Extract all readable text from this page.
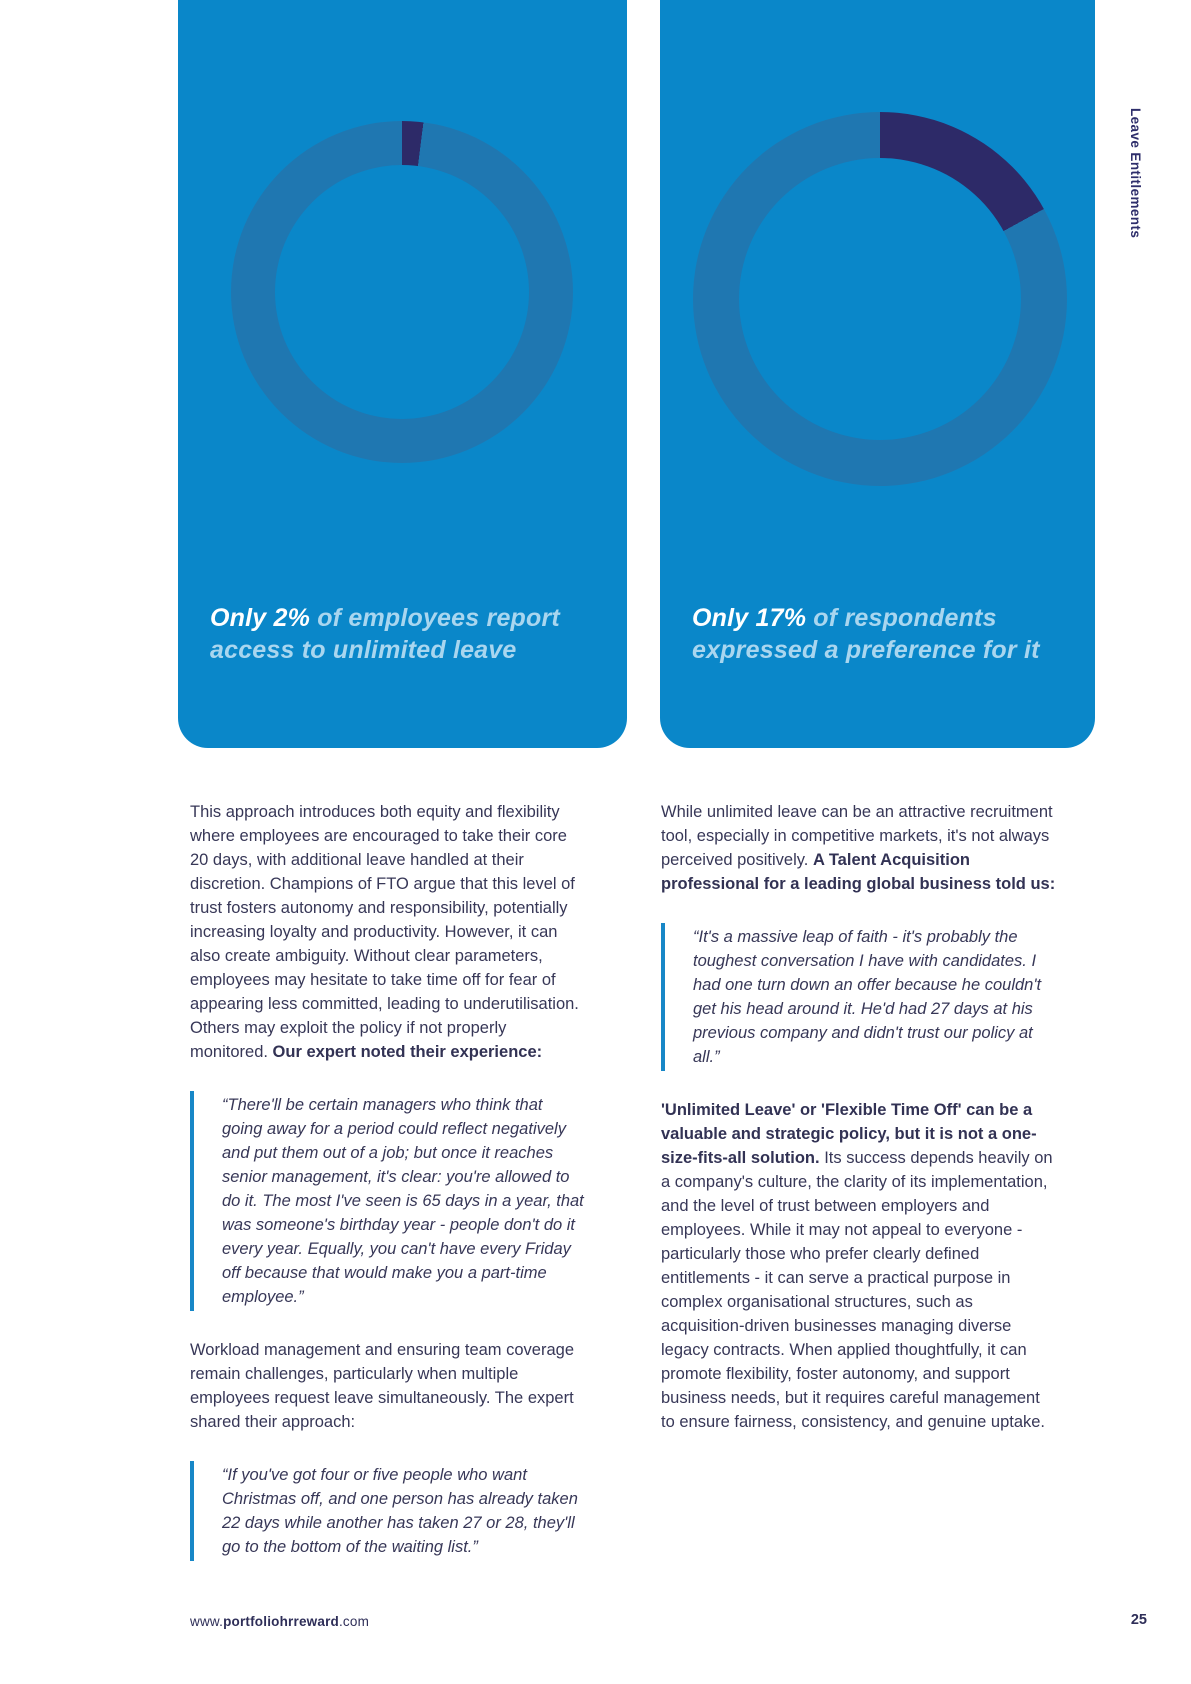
Only 2% of employees report access to unlimited leave

Only 17% of respondents expressed a preference for it

Leave Entitlements

This approach introduces both equity and flexibility where employees are encouraged to take their core 20 days, with additional leave handled at their discretion. Champions of FTO argue that this level of trust fosters autonomy and responsibility, potentially increasing loyalty and productivity. However, it can also create ambiguity. Without clear parameters, employees may hesitate to take time off for fear of appearing less committed, leading to underutilisation. Others may exploit the policy if not properly monitored. Our expert noted their experience:

“There'll be certain managers who think that going away for a period could reflect negatively and put them out of a job; but once it reaches senior management, it's clear: you're allowed to do it. The most I've seen is 65 days in a year, that was someone's birthday year - people don't do it every year. Equally, you can't have every Friday off because that would make you a part-time employee.”

Workload management and ensuring team coverage remain challenges, particularly when multiple employees request leave simultaneously. The expert shared their approach:

“If you've got four or five people who want Christmas off, and one person has already taken 22 days while another has taken 27 or 28, they'll go to the bottom of the waiting list.”

While unlimited leave can be an attractive recruitment tool, especially in competitive markets, it's not always perceived positively. A Talent Acquisition professional for a leading global business told us:

“It's a massive leap of faith - it's probably the toughest conversation I have with candidates. I had one turn down an offer because he couldn't get his head around it. He'd had 27 days at his previous company and didn't trust our policy at all.”

'Unlimited Leave' or 'Flexible Time Off' can be a valuable and strategic policy, but it is not a one-size-fits-all solution. Its success depends heavily on a company's culture, the clarity of its implementation, and the level of trust between employers and employees. While it may not appeal to everyone - particularly those who prefer clearly defined entitlements - it can serve a practical purpose in complex organisational structures, such as acquisition-driven businesses managing diverse legacy contracts. When applied thoughtfully, it can promote flexibility, foster autonomy, and support business needs, but it requires careful management to ensure fairness, consistency, and genuine uptake.

www.portfoliohrreward.com	25
